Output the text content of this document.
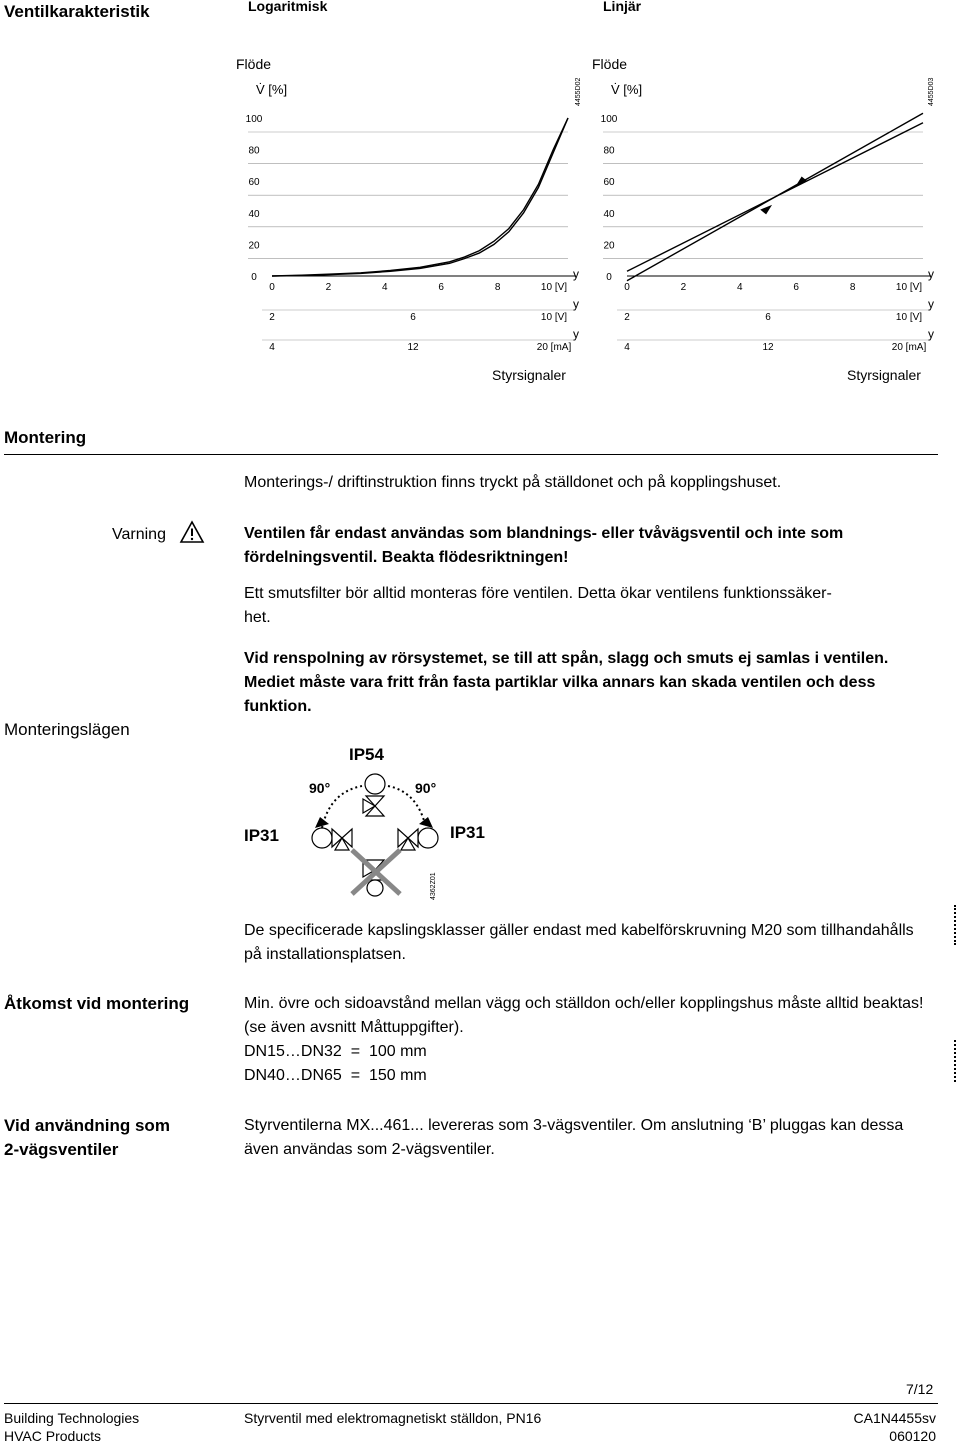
Ventilkarakteristik	Logaritmisk	Linjär
Flöde
V̇ [%]	4455D02
100
80
60
40
20
0
0	2	4	6	8	10 [V]
y
2	6	10 [V]
y
4	12	20 [mA]
y
Styrsignaler
Flöde
V̇ [%]	4455D03
100
80
60
40
20
0
0	2	4	6	8	10 [V]
y
2	6	10 [V]
y
4	12	20 [mA]
y
Styrsignaler
Montering
Monterings-/ driftinstruktion finns tryckt på ställdonet och på kopplingshuset.
Varning	Ventilen får endast användas som blandnings- eller tvåvägsventil och inte som fördelningsventil. Beakta flödesriktningen!
Ett smutsfilter bör alltid monteras före ventilen. Detta ökar ventilens funktionssäker-
het.
Vid renspolning av rörsystemet, se till att spån, slagg och smuts ej samlas i ventilen. Mediet måste vara fritt från fasta partiklar vilka annars kan skada ventilen och dess funktion.
Monteringslägen
IP54
IP31	IP31
90°	90°
4362Z01
De specificerade kapslingsklasser gäller endast med kabelförskruvning M20 som tillhandahålls på installationsplatsen.
Åtkomst vid montering	Min. övre och sidoavstånd mellan vägg och ställdon och/eller kopplingshus måste alltid beaktas! (se även avsnitt Måttuppgifter).
DN15…DN32  =  100 mm
DN40…DN65  =  150 mm
Vid användning som
2-vägsventiler
Styrventilerna MX...461... levereras som 3-vägsventiler. Om anslutning ‘B’ pluggas kan dessa även användas som 2-vägsventiler.
7/12
Building Technologies
HVAC Products
Styrventil med elektromagnetiskt ställdon, PN16	CA1N4455sv
060120
